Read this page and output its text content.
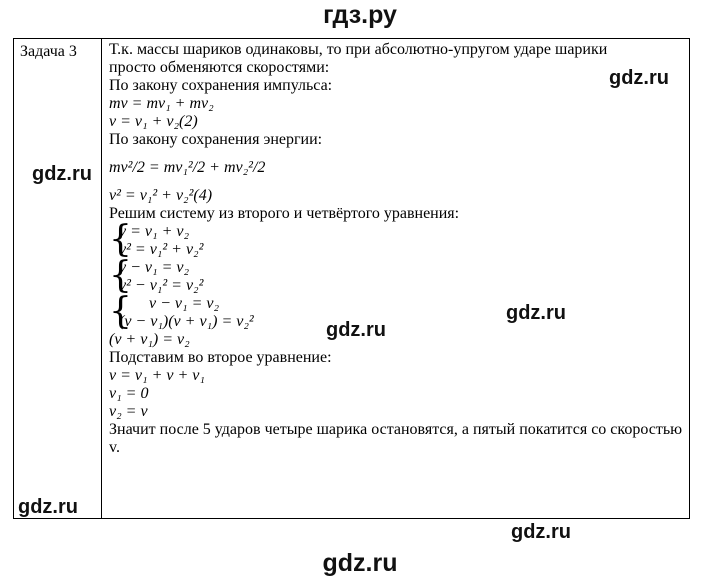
гдз.ру
Задача 3 Т.к. массы шариков одинаковы, то при абсолютно-упругом ударе шарики
просто обменяются скоростями:
По закону сохранения импульса:
mv = mv₁ + mv₂
v = v₁ + v₂(2)
По закону сохранения энергии:
mv²/2 = mv₁²/2 + mv₂²/2
v² = v₁² + v₂²(4)
Решим систему из второго и четвёртого уравнения:
{
v = v₁ + v₂
v² = v₁² + v₂²
{
v − v₁ = v₂
v² − v₁² = v₂²
{	v − v₁ = v₂
(v − v₁)(v + v₁) = v₂²
(v + v₁) = v₂
Подставим во второе уравнение:
v = v₁ + v + v₁
v₁ = 0
v₂ = v
Значит после 5 ударов четыре шарика остановятся, а пятый покатится со скоростью v.
gdz.ru
gdz.ru
gdz.ru
gdz.ru
gdz.ru
gdz.ru
gdz.ru
